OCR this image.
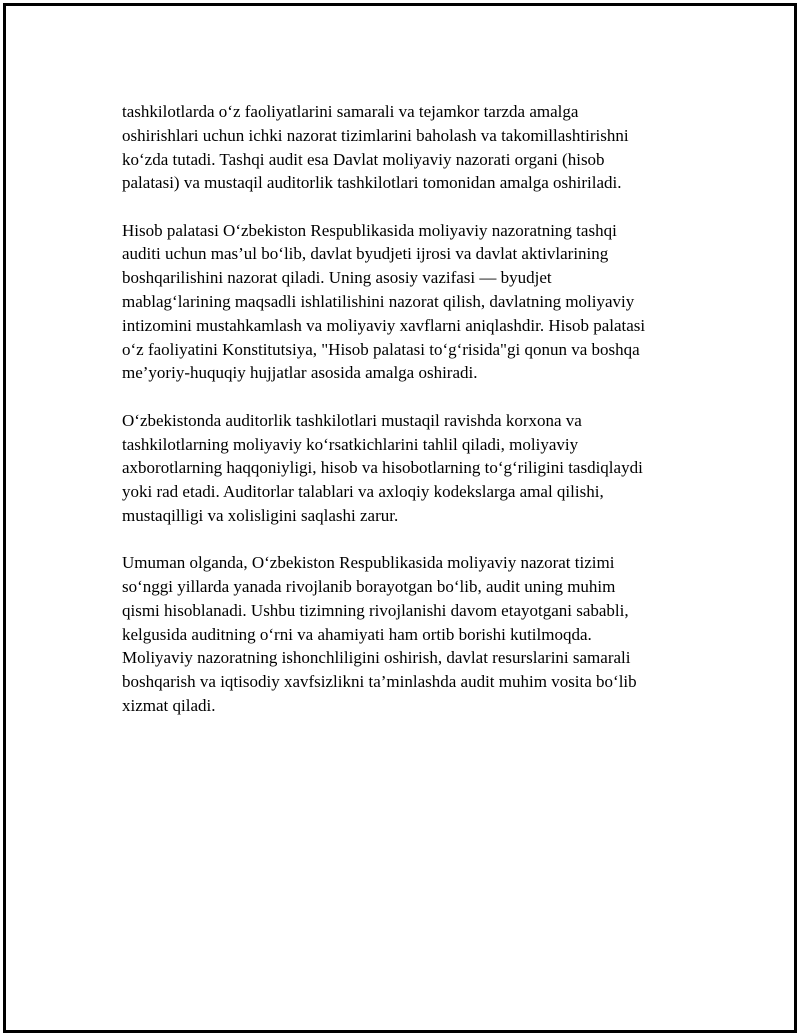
tashkilotlarda o‘z faoliyatlarini samarali va tejamkor tarzda amalga
oshirishlari uchun ichki nazorat tizimlarini baholash va takomillashtirishni
ko‘zda tutadi. Tashqi audit esa Davlat moliyaviy nazorati organi (hisob
palatasi) va mustaqil auditorlik tashkilotlari tomonidan amalga oshiriladi.

Hisob palatasi O‘zbekiston Respublikasida moliyaviy nazoratning tashqi
auditi uchun mas’ul bo‘lib, davlat byudjeti ijrosi va davlat aktivlarining
boshqarilishini nazorat qiladi. Uning asosiy vazifasi — byudjet
mablag‘larining maqsadli ishlatilishini nazorat qilish, davlatning moliyaviy
intizomini mustahkamlash va moliyaviy xavflarni aniqlashdir. Hisob palatasi
o‘z faoliyatini Konstitutsiya, "Hisob palatasi to‘g‘risida"gi qonun va boshqa
me’yoriy-huquqiy hujjatlar asosida amalga oshiradi.

O‘zbekistonda auditorlik tashkilotlari mustaqil ravishda korxona va
tashkilotlarning moliyaviy ko‘rsatkichlarini tahlil qiladi, moliyaviy
axborotlarning haqqoniyligi, hisob va hisobotlarning to‘g‘riligini tasdiqlaydi
yoki rad etadi. Auditorlar talablari va axloqiy kodekslarga amal qilishi,
mustaqilligi va xolisligini saqlashi zarur.

Umuman olganda, O‘zbekiston Respublikasida moliyaviy nazorat tizimi
so‘nggi yillarda yanada rivojlanib borayotgan bo‘lib, audit uning muhim
qismi hisoblanadi. Ushbu tizimning rivojlanishi davom etayotgani sababli,
kelgusida auditning o‘rni va ahamiyati ham ortib borishi kutilmoqda.
Moliyaviy nazoratning ishonchliligini oshirish, davlat resurslarini samarali
boshqarish va iqtisodiy xavfsizlikni ta’minlashda audit muhim vosita bo‘lib
xizmat qiladi.
